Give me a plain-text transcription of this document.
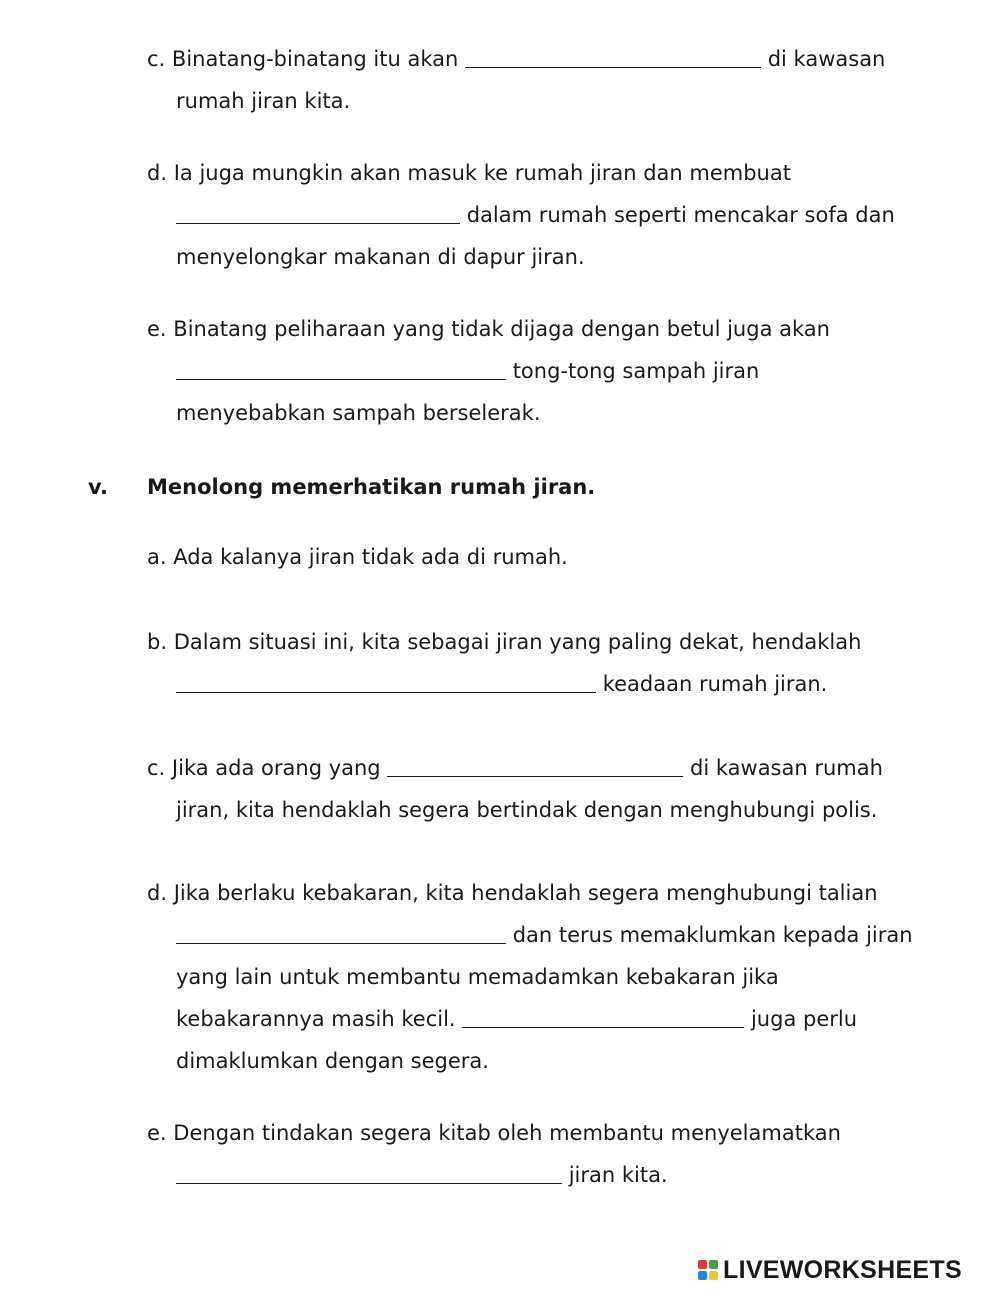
c. Binatang-binatang itu akan	di kawasan
rumah jiran kita.
d. Ia juga mungkin akan masuk ke rumah jiran dan membuat
dalam rumah seperti mencakar sofa dan
menyelongkar makanan di dapur jiran.
e. Binatang peliharaan yang tidak dijaga dengan betul juga akan
tong-tong sampah jiran
menyebabkan sampah berselerak.
v. Menolong memerhatikan rumah jiran.
a. Ada kalanya jiran tidak ada di rumah.
b. Dalam situasi ini, kita sebagai jiran yang paling dekat, hendaklah
keadaan rumah jiran.
c. Jika ada orang yang	di kawasan rumah
jiran, kita hendaklah segera bertindak dengan menghubungi polis.
d. Jika berlaku kebakaran, kita hendaklah segera menghubungi talian
dan terus memaklumkan kepada jiran
yang lain untuk membantu memadamkan kebakaran jika
kebakarannya masih kecil.	juga perlu
dimaklumkan dengan segera.
e. Dengan tindakan segera kitab oleh membantu menyelamatkan
jiran kita.
LIVEWORKSHEETS
